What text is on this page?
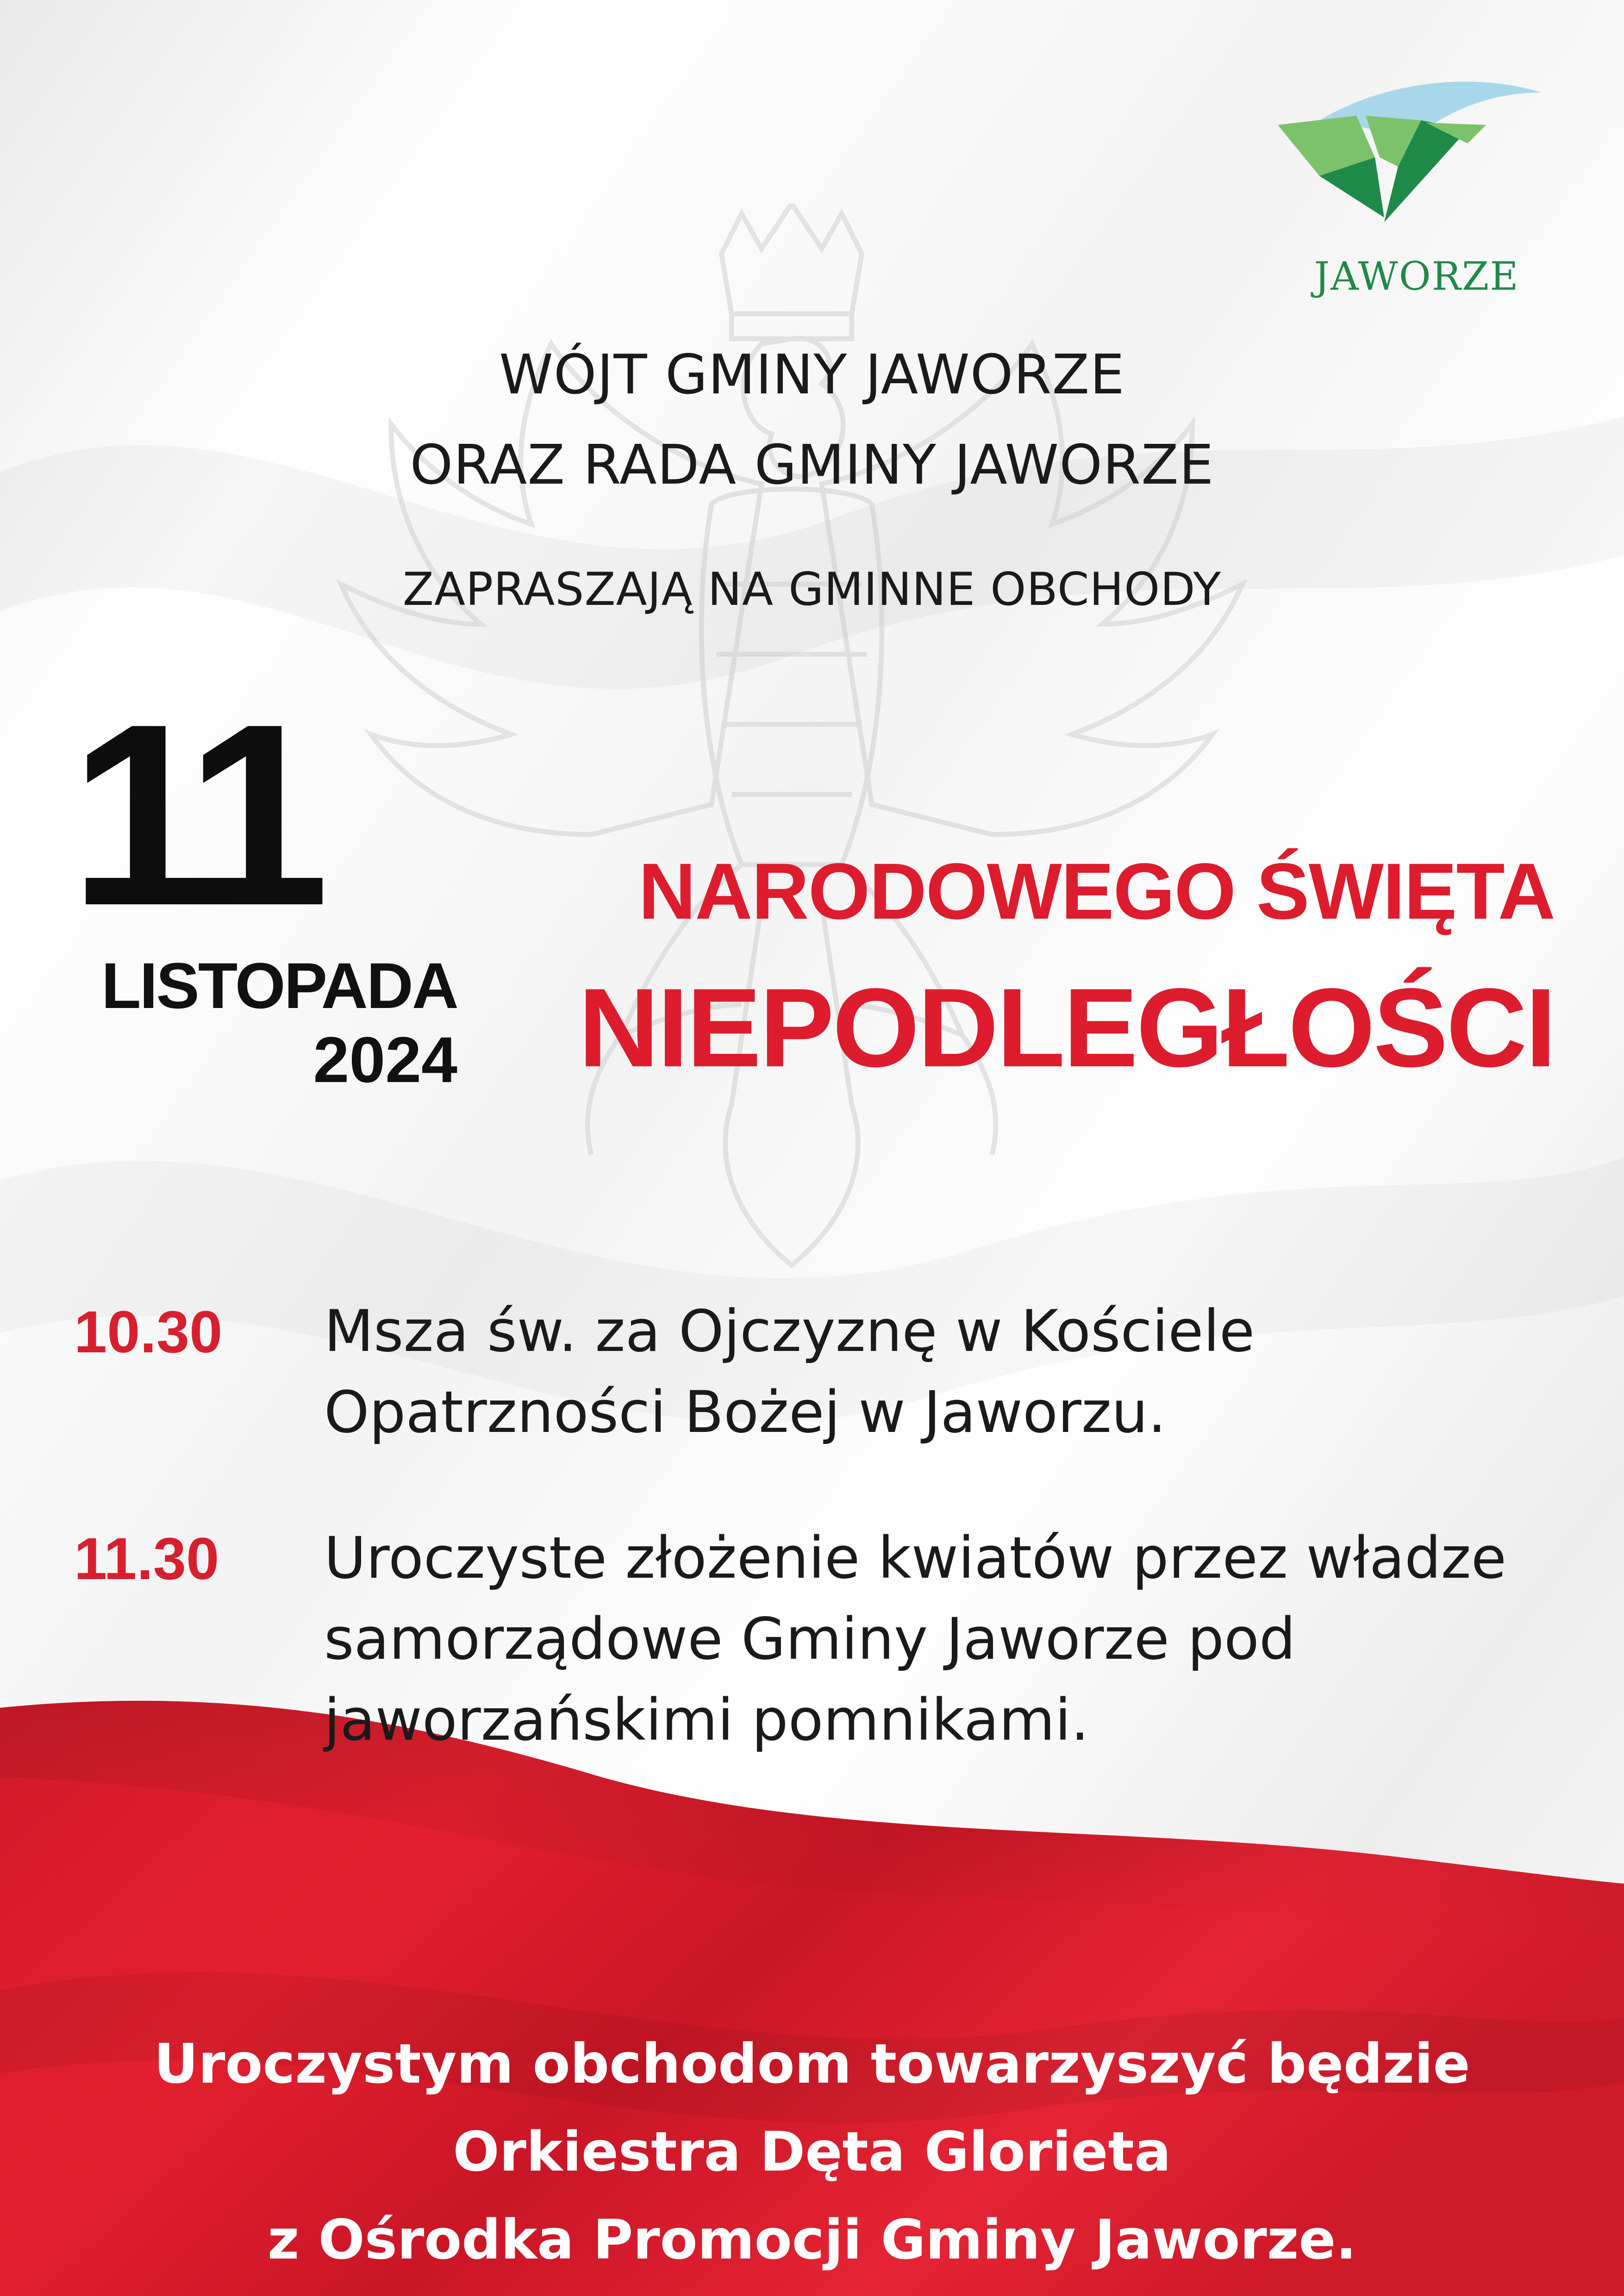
JAWORZE

WÓJT GMINY JAWORZE

ORAZ RADA GMINY JAWORZE

ZAPRASZAJĄ NA GMINNE OBCHODY

11

LISTOPADA

2024

NARODOWEGO ŚWIĘTA

NIEPODLEGŁOŚCI

10.30 Msza św. za Ojczyznę w Kościele

Opatrzności Bożej w Jaworzu.

11.30 Uroczyste złożenie kwiatów przez władze

samorządowe Gminy Jaworze pod

jaworzańskimi pomnikami.

Uroczystym obchodom towarzyszyć będzie

Orkiestra Dęta Glorieta

z Ośrodka Promocji Gminy Jaworze.
